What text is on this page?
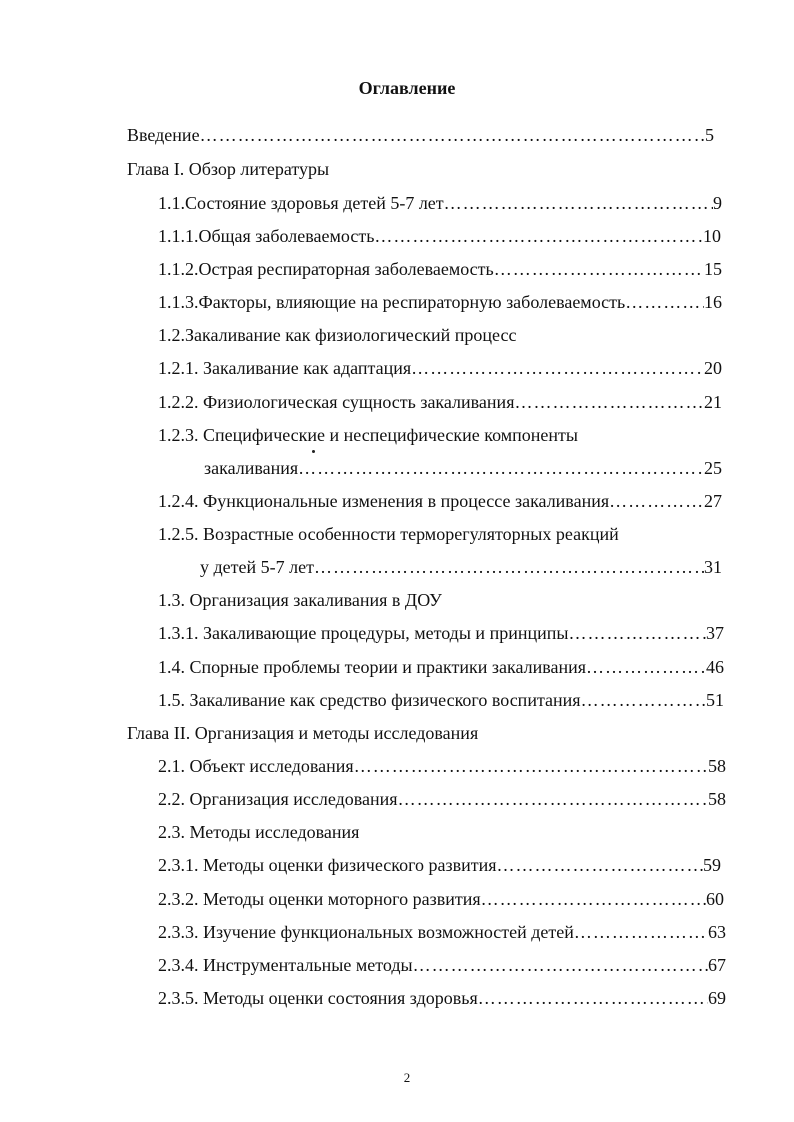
Оглавление
Введение	5
…………………………………………………………………………………………………………………………………………………
Глава I. Обзор литературы
1.1.Состояние здоровья детей 5-7 лет	9
…………………………………………………………………………………………………………………………………………………
1.1.1.Общая заболеваемость	10
…………………………………………………………………………………………………………………………………………………
1.1.2.Острая респираторная заболеваемость	15
…………………………………………………………………………………………………………………………………………………
1.1.3.Факторы, влияющие на респираторную заболеваемость	16
…………………………………………………………………………………………………………………………………………………
1.2.Закаливание как физиологический процесс
1.2.1. Закаливание как адаптация	20
…………………………………………………………………………………………………………………………………………………
1.2.2. Физиологическая сущность закаливания	21
…………………………………………………………………………………………………………………………………………………
1.2.3. Специфические и неспецифические компоненты
закаливания	25
…………………………………………………………………………………………………………………………………………………
1.2.4. Функциональные изменения в процессе закаливания	27
…………………………………………………………………………………………………………………………………………………
1.2.5. Возрастные особенности терморегуляторных реакций
у детей 5-7 лет	31
…………………………………………………………………………………………………………………………………………………
1.3. Организация закаливания в ДОУ
1.3.1. Закаливающие процедуры, методы и принципы	37
…………………………………………………………………………………………………………………………………………………
1.4. Спорные проблемы теории и практики закаливания	46
…………………………………………………………………………………………………………………………………………………
1.5. Закаливание как средство физического воспитания	51
…………………………………………………………………………………………………………………………………………………
Глава II. Организация и методы исследования
2.1. Объект исследования	58
…………………………………………………………………………………………………………………………………………………
2.2. Организация исследования	58
…………………………………………………………………………………………………………………………………………………
2.3. Методы исследования
2.3.1. Методы оценки физического развития	59
…………………………………………………………………………………………………………………………………………………
2.3.2. Методы оценки моторного развития	60
…………………………………………………………………………………………………………………………………………………
2.3.3. Изучение функциональных возможностей детей	63
…………………………………………………………………………………………………………………………………………………
2.3.4. Инструментальные методы	67
…………………………………………………………………………………………………………………………………………………
2.3.5. Методы оценки состояния здоровья	69
…………………………………………………………………………………………………………………………………………………
2
